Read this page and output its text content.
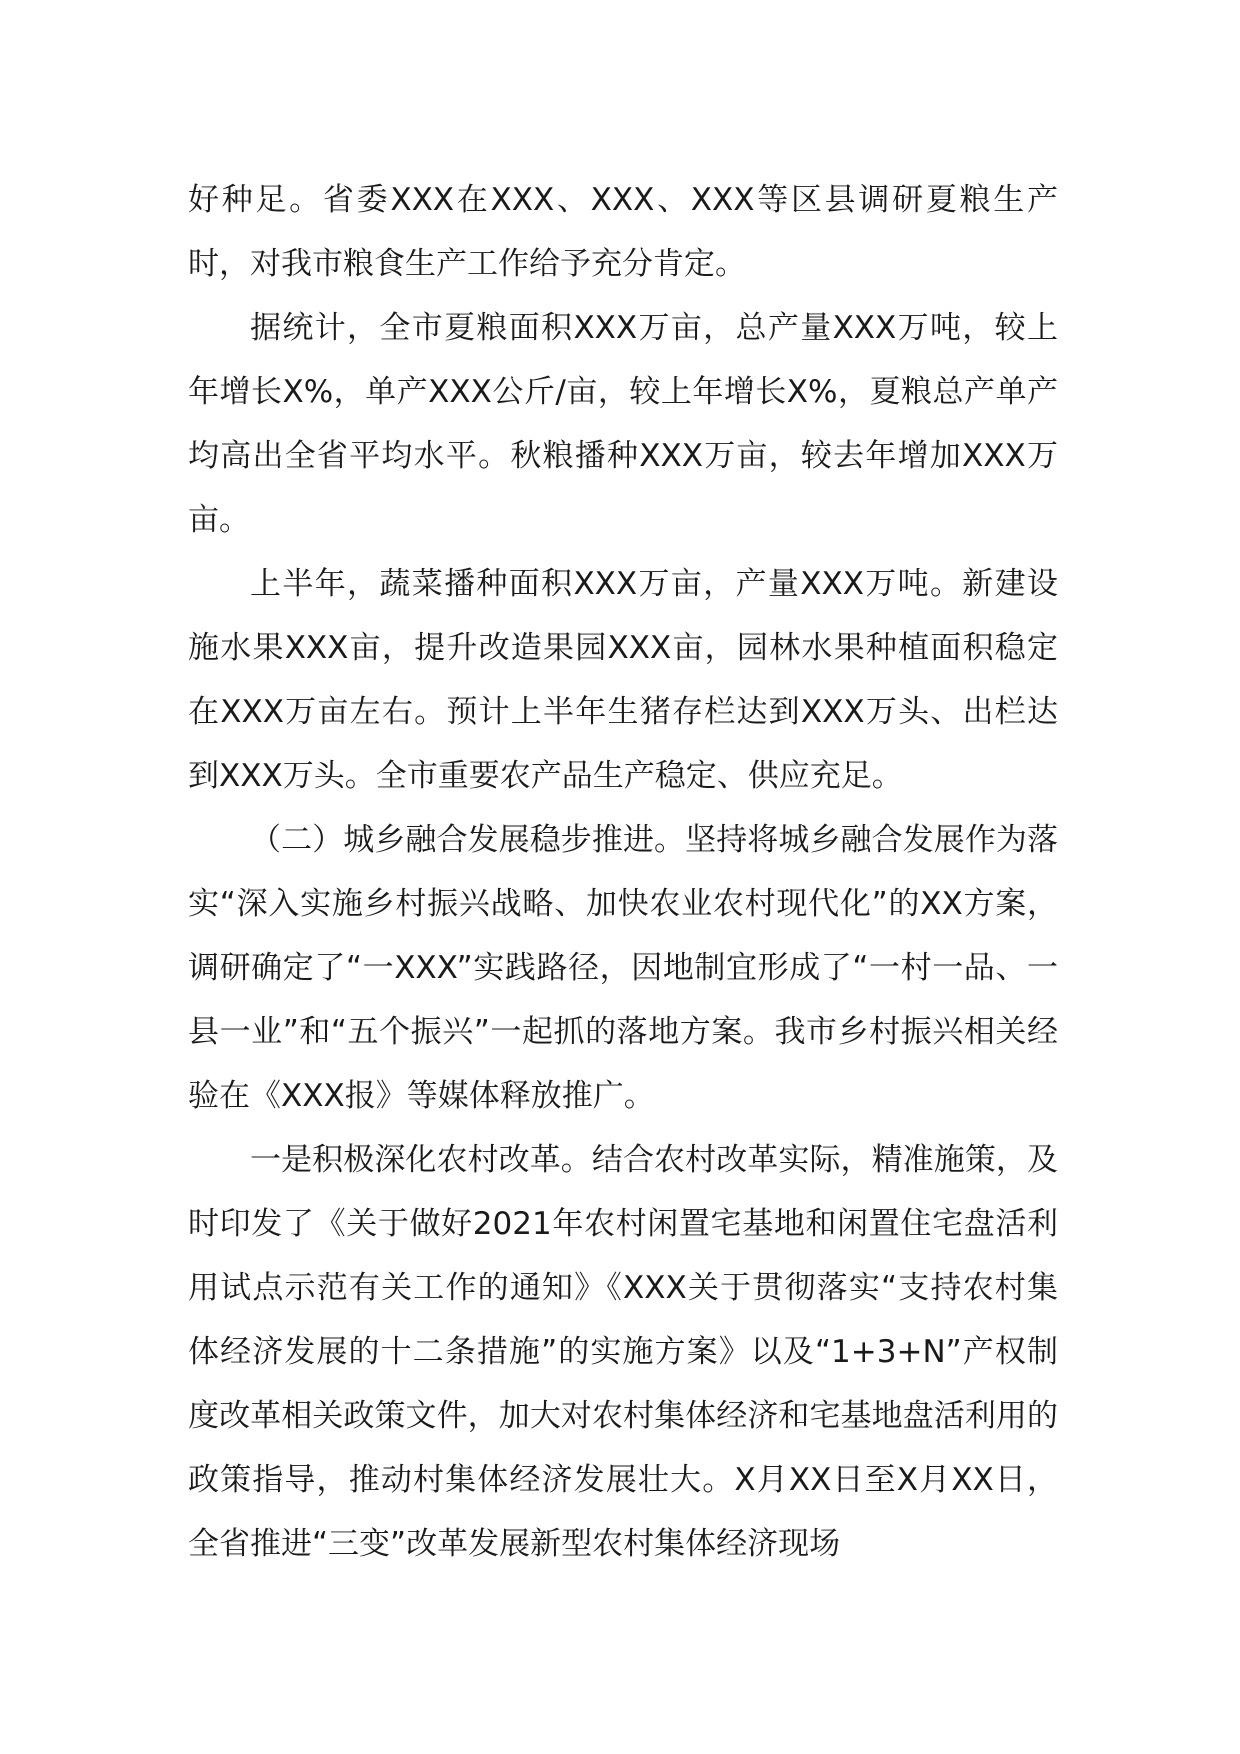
好种足。省委XXX在XXX、XXX、XXX等区县调研夏粮生产时，对我市粮食生产工作给予充分肯定。

据统计，全市夏粮面积XXX万亩，总产量XXX万吨，较上年增长X%，单产XXX公斤/亩，较上年增长X%，夏粮总产单产均高出全省平均水平。秋粮播种XXX万亩，较去年增加XXX万亩。

上半年，蔬菜播种面积XXX万亩，产量XXX万吨。新建设施水果XXX亩，提升改造果园XXX亩，园林水果种植面积稳定在XXX万亩左右。预计上半年生猪存栏达到XXX万头、出栏达到XXX万头。全市重要农产品生产稳定、供应充足。

（二）城乡融合发展稳步推进。坚持将城乡融合发展作为落实“深入实施乡村振兴战略、加快农业农村现代化”的XX方案，调研确定了“一XXX”实践路径，因地制宜形成了“一村一品、一县一业”和“五个振兴”一起抓的落地方案。我市乡村振兴相关经验在《XXX报》等媒体释放推广。

一是积极深化农村改革。结合农村改革实际，精准施策，及时印发了《关于做好2021年农村闲置宅基地和闲置住宅盘活利用试点示范有关工作的通知》《XXX关于贯彻落实“支持农村集体经济发展的十二条措施”的实施方案》以及“1+3+N”产权制度改革相关政策文件，加大对农村集体经济和宅基地盘活利用的政策指导，推动村集体经济发展壮大。X月XX日至X月XX日，全省推进“三变”改革发展新型农村集体经济现场
